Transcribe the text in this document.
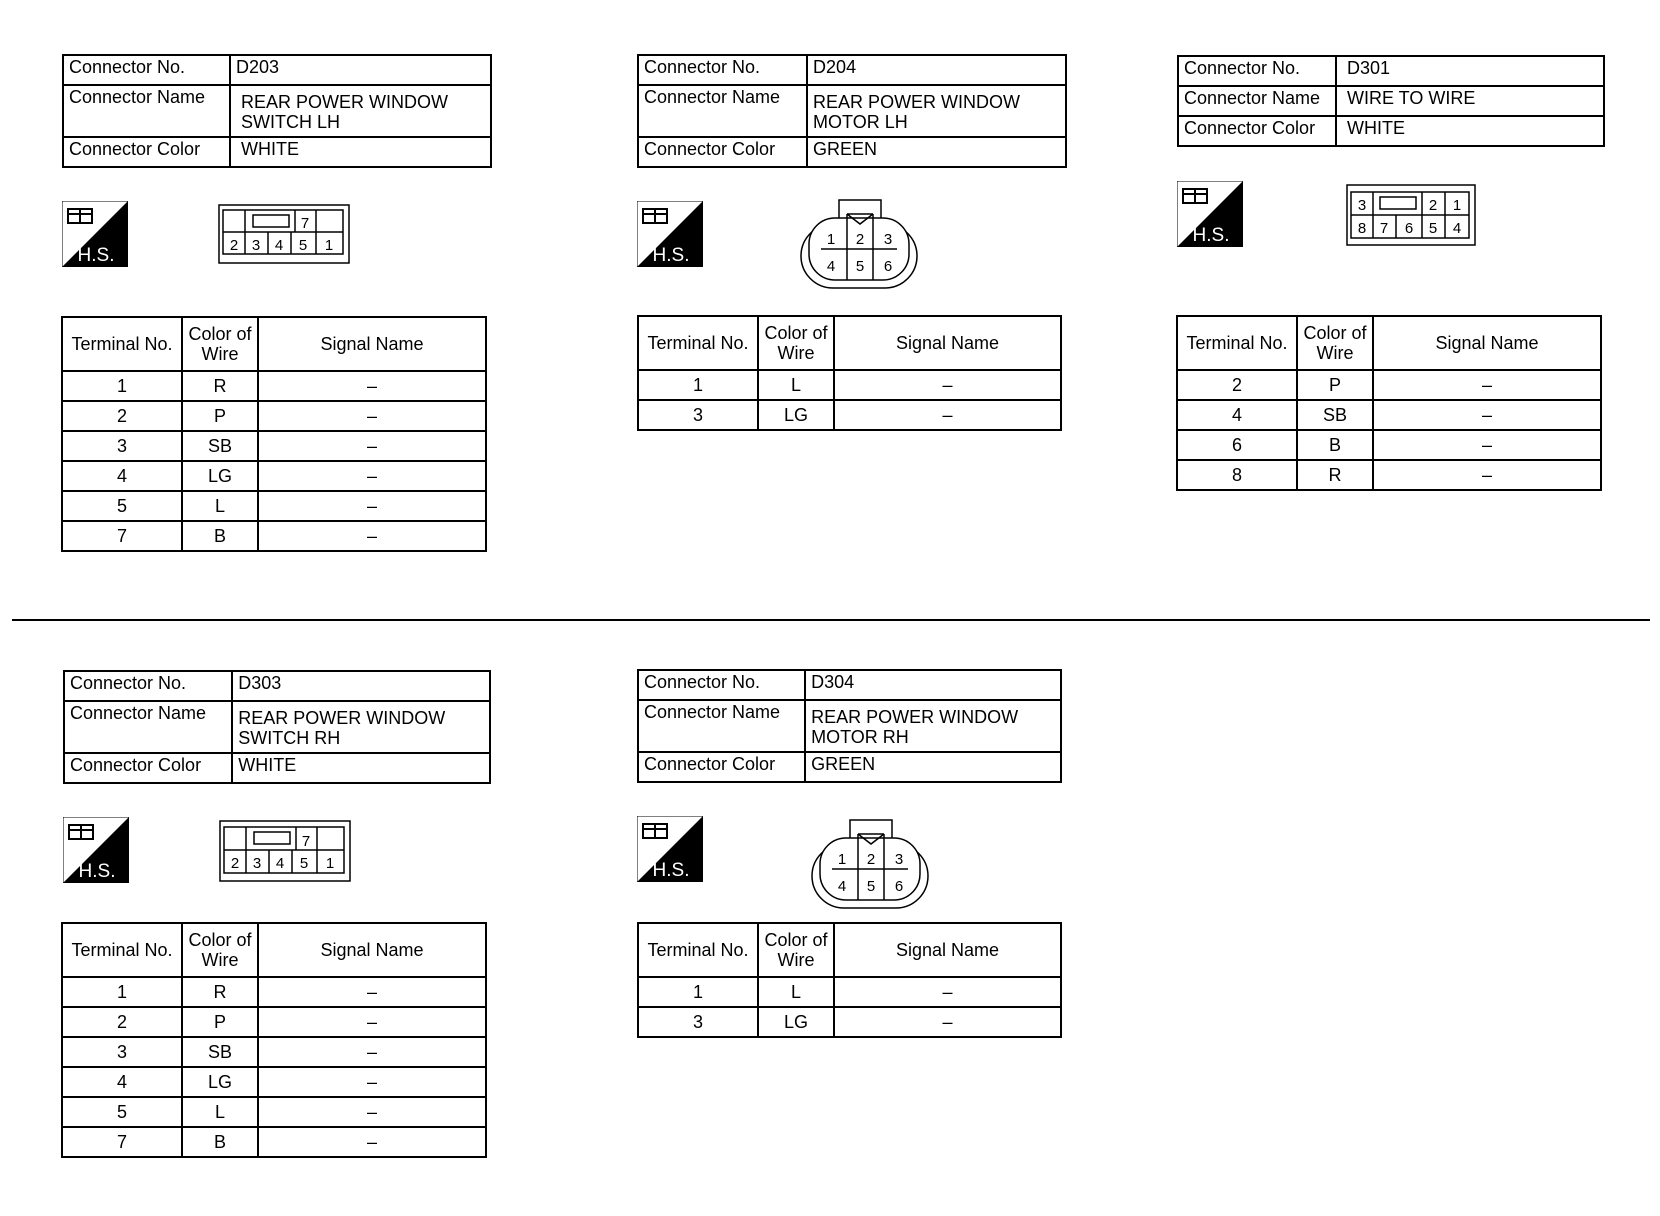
Connector No.	D203
Connector Name	REAR POWER WINDOW SWITCH LH
Connector Color	WHITE
H.S.
7
2 3 4 5 1
Terminal No.	Color of Wire	Signal Name
1	R	–
2	P	–
3	SB	–
4	LG	–
5	L	–
7	B	–
Connector No.	D204
Connector Name	REAR POWER WINDOW MOTOR LH
Connector Color	GREEN
H.S.
1 2 3
4 5 6
Terminal No.	Color of Wire	Signal Name
1	L	–
3	LG	–
Connector No.	D301
Connector Name	WIRE TO WIRE
Connector Color	WHITE
H.S.
3	2 1
8 7 6 5 4
Terminal No.	Color of Wire	Signal Name
2	P	–
4	SB	–
6	B	–
8	R	–
Connector No.	D303
Connector Name	REAR POWER WINDOW SWITCH RH
Connector Color	WHITE
H.S.
7
2 3 4 5 1
Terminal No.	Color of Wire	Signal Name
1	R	–
2	P	–
3	SB	–
4	LG	–
5	L	–
7	B	–
Connector No.	D304
Connector Name	REAR POWER WINDOW MOTOR RH
Connector Color	GREEN
H.S.
1 2 3
4 5 6
Terminal No.	Color of Wire	Signal Name
1	L	–
3	LG	–
